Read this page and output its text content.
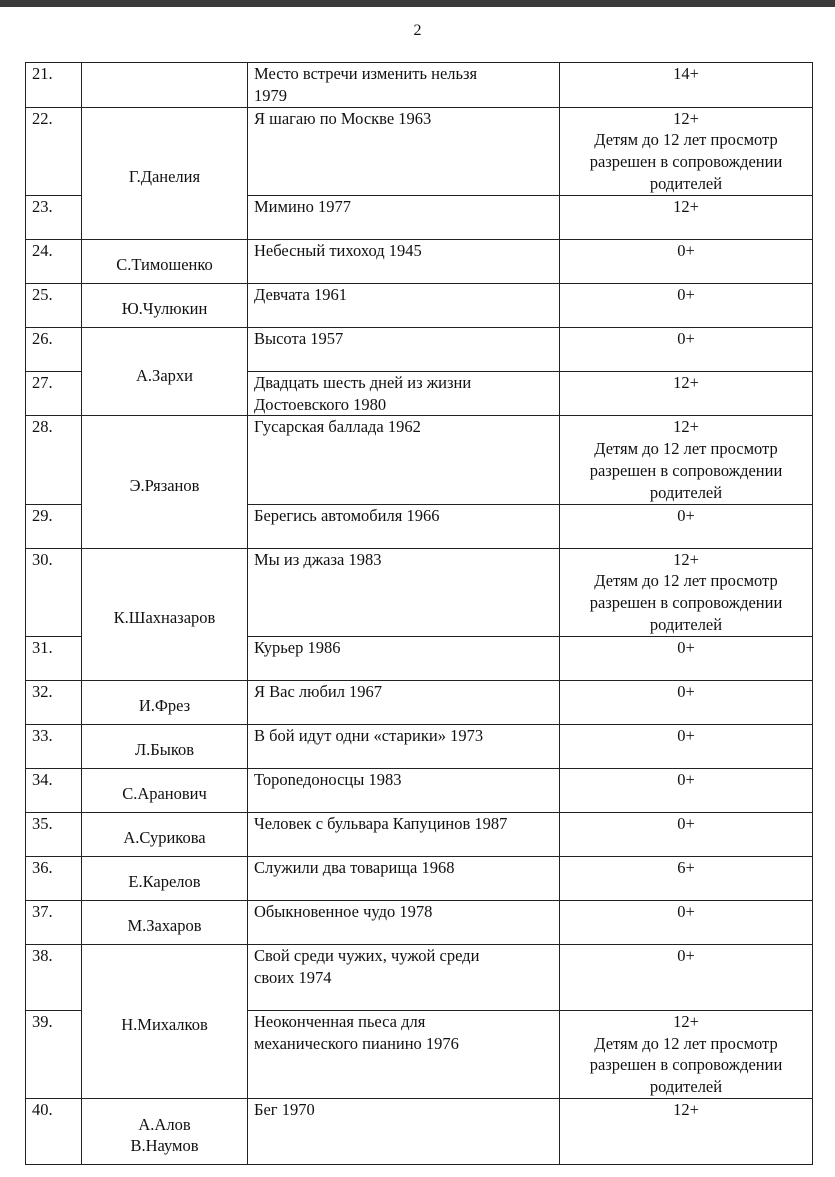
2
21.		Место встречи изменить нельзя
1979	14+

22.	Г.Данелия	Я шагаю по Москве 1963	12+
Детям до 12 лет просмотр
разрешен в сопровождении
родителей

23.		Мимино 1977	12+

24.	С.Тимошенко	Небесный тихоход 1945	0+

25.	Ю.Чулюкин	Девчата 1961	0+

26.	А.Зархи	Высота 1957	0+

27.		Двадцать шесть дней из жизни
Достоевского 1980	12+

28.	Э.Рязанов	Гусарская баллада 1962	12+
Детям до 12 лет просмотр
разрешен в сопровождении
родителей

29.		Берегись автомобиля 1966	0+

30.	К.Шахназаров	Мы из джаза 1983	12+
Детям до 12 лет просмотр
разрешен в сопровождении
родителей

31.		Курьер 1986	0+

32.	И.Фрез	Я Вас любил 1967	0+

33.	Л.Быков	В бой идут одни «старики» 1973	0+

34.	С.Аранович	Тороnедоносцы 1983	0+

35.	А.Сурикова	Человек с бульвара Капуцинов 1987	0+

36.	Е.Карелов	Служили два товарища 1968	6+

37.	М.Захаров	Обыкновенное чудо 1978	0+

38.	Н.Михалков	Свой среди чужих, чужой среди
своих 1974	0+

39.		Неоконченная пьеса для
механического пианино 1976	12+
Детям до 12 лет просмотр
разрешен в сопровождении
родителей

40.	А.Алов
В.Наумов	Бег 1970	12+
